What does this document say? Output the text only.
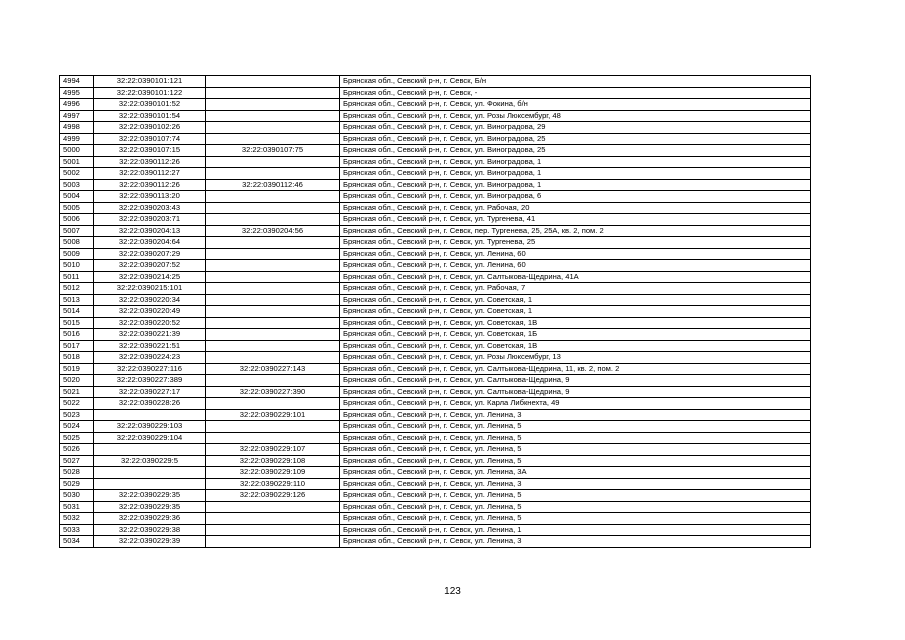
4994	32:22:0390101:121		Брянская обл., Севский р-н, г. Севск, Б/н
4995	32:22:0390101:122		Брянская обл., Севский р-н, г. Севск, -
4996	32:22:0390101:52		Брянская обл., Севский р-н, г. Севск, ул. Фокина, б/н
4997	32:22:0390101:54		Брянская обл., Севский р-н, г. Севск, ул. Розы Люксембург, 48
4998	32:22:0390102:26		Брянская обл., Севский р-н, г. Севск, ул. Виноградова, 29
4999	32:22:0390107:74		Брянская обл., Севский р-н, г. Севск, ул. Виноградова, 25
5000	32:22:0390107:15	32:22:0390107:75	Брянская обл., Севский р-н, г. Севск, ул. Виноградова, 25
5001	32:22:0390112:26		Брянская обл., Севский р-н, г. Севск, ул. Виноградова, 1
5002	32:22:0390112:27		Брянская обл., Севский р-н, г. Севск, ул. Виноградова, 1
5003	32:22:0390112:26	32:22:0390112:46	Брянская обл., Севский р-н, г. Севск, ул. Виноградова, 1
5004	32:22:0390113:20		Брянская обл., Севский р-н, г. Севск, ул. Виноградова, 6
5005	32:22:0390203:43		Брянская обл., Севский р-н, г. Севск, ул. Рабочая, 20
5006	32:22:0390203:71		Брянская обл., Севский р-н, г. Севск, ул. Тургенева, 41
5007	32:22:0390204:13	32:22:0390204:56	Брянская обл., Севский р-н, г. Севск, пер. Тургенева, 25, 25А, кв. 2, пом. 2
5008	32:22:0390204:64		Брянская обл., Севский р-н, г. Севск, ул. Тургенева, 25
5009	32:22:0390207:29		Брянская обл., Севский р-н, г. Севск, ул. Ленина, 60
5010	32:22:0390207:52		Брянская обл., Севский р-н, г. Севск, ул. Ленина, 60
5011	32:22:0390214:25		Брянская обл., Севский р-н, г. Севск, ул. Салтыкова-Щедрина, 41А
5012	32:22:0390215:101		Брянская обл., Севский р-н, г. Севск, ул. Рабочая, 7
5013	32:22:0390220:34		Брянская обл., Севский р-н, г. Севск, ул. Советская, 1
5014	32:22:0390220:49		Брянская обл., Севский р-н, г. Севск, ул. Советская, 1
5015	32:22:0390220:52		Брянская обл., Севский р-н, г. Севск, ул. Советская, 1В
5016	32:22:0390221:39		Брянская обл., Севский р-н, г. Севск, ул. Советская, 1Б
5017	32:22:0390221:51		Брянская обл., Севский р-н, г. Севск, ул. Советская, 1В
5018	32:22:0390224:23		Брянская обл., Севский р-н, г. Севск, ул. Розы Люксембург, 13
5019	32:22:0390227:116	32:22:0390227:143	Брянская обл., Севский р-н, г. Севск, ул. Салтыкова-Щедрина, 11, кв. 2, пом. 2
5020	32:22:0390227:389		Брянская обл., Севский р-н, г. Севск, ул. Салтыкова-Щедрина, 9
5021	32:22:0390227:17	32:22:0390227:390	Брянская обл., Севский р-н, г. Севск, ул. Салтыкова-Щедрина, 9
5022	32:22:0390228:26		Брянская обл., Севский р-н, г. Севск, ул. Карла Либкнехта, 49
5023		32:22:0390229:101	Брянская обл., Севский р-н, г. Севск, ул. Ленина, 3
5024	32:22:0390229:103		Брянская обл., Севский р-н, г. Севск, ул. Ленина, 5
5025	32:22:0390229:104		Брянская обл., Севский р-н, г. Севск, ул. Ленина, 5
5026		32:22:0390229:107	Брянская обл., Севский р-н, г. Севск, ул. Ленина, 5
5027	32:22:0390229:5	32:22:0390229:108	Брянская обл., Севский р-н, г. Севск, ул. Ленина, 5
5028		32:22:0390229:109	Брянская обл., Севский р-н, г. Севск, ул. Ленина, 3А
5029		32:22:0390229:110	Брянская обл., Севский р-н, г. Севск, ул. Ленина, 3
5030	32:22:0390229:35	32:22:0390229:126	Брянская обл., Севский р-н, г. Севск, ул. Ленина, 5
5031	32:22:0390229:35		Брянская обл., Севский р-н, г. Севск, ул. Ленина, 5
5032	32:22:0390229:36		Брянская обл., Севский р-н, г. Севск, ул. Ленина, 5
5033	32:22:0390229:38		Брянская обл., Севский р-н, г. Севск, ул. Ленина, 1
5034	32:22:0390229:39		Брянская обл., Севский р-н, г. Севск, ул. Ленина, 3
123
